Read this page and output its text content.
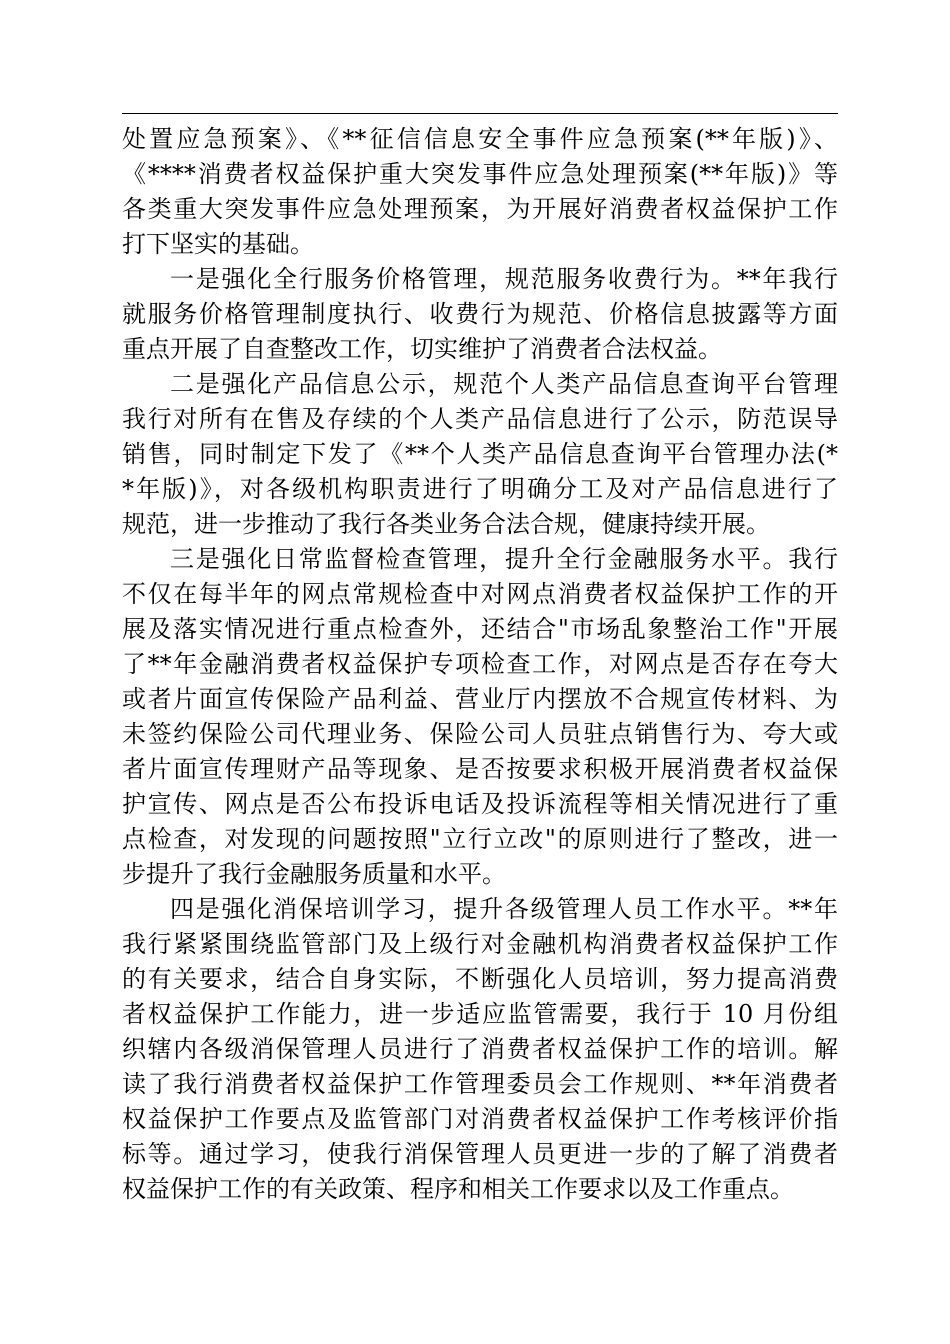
处置应急预案》、《**征信信息安全事件应急预案(**年版)》、
《****消费者权益保护重大突发事件应急处理预案(**年版)》等
各类重大突发事件应急处理预案，为开展好消费者权益保护工作
打下坚实的基础。
一是强化全行服务价格管理，规范服务收费行为。**年我行
就服务价格管理制度执行、收费行为规范、价格信息披露等方面
重点开展了自查整改工作，切实维护了消费者合法权益。
二是强化产品信息公示，规范个人类产品信息查询平台管理
我行对所有在售及存续的个人类产品信息进行了公示，防范误导
销售，同时制定下发了《**个人类产品信息查询平台管理办法(*
*年版)》，对各级机构职责进行了明确分工及对产品信息进行了
规范，进一步推动了我行各类业务合法合规，健康持续开展。
三是强化日常监督检查管理，提升全行金融服务水平。我行
不仅在每半年的网点常规检查中对网点消费者权益保护工作的开
展及落实情况进行重点检查外，还结合"市场乱象整治工作"开展
了**年金融消费者权益保护专项检查工作，对网点是否存在夸大
或者片面宣传保险产品利益、营业厅内摆放不合规宣传材料、为
未签约保险公司代理业务、保险公司人员驻点销售行为、夸大或
者片面宣传理财产品等现象、是否按要求积极开展消费者权益保
护宣传、网点是否公布投诉电话及投诉流程等相关情况进行了重
点检查，对发现的问题按照"立行立改"的原则进行了整改，进一
步提升了我行金融服务质量和水平。
四是强化消保培训学习，提升各级管理人员工作水平。**年
我行紧紧围绕监管部门及上级行对金融机构消费者权益保护工作
的有关要求，结合自身实际，不断强化人员培训，努力提高消费
者权益保护工作能力，进一步适应监管需要，我行于 10 月份组
织辖内各级消保管理人员进行了消费者权益保护工作的培训。解
读了我行消费者权益保护工作管理委员会工作规则、**年消费者
权益保护工作要点及监管部门对消费者权益保护工作考核评价指
标等。通过学习，使我行消保管理人员更进一步的了解了消费者
权益保护工作的有关政策、程序和相关工作要求以及工作重点。
